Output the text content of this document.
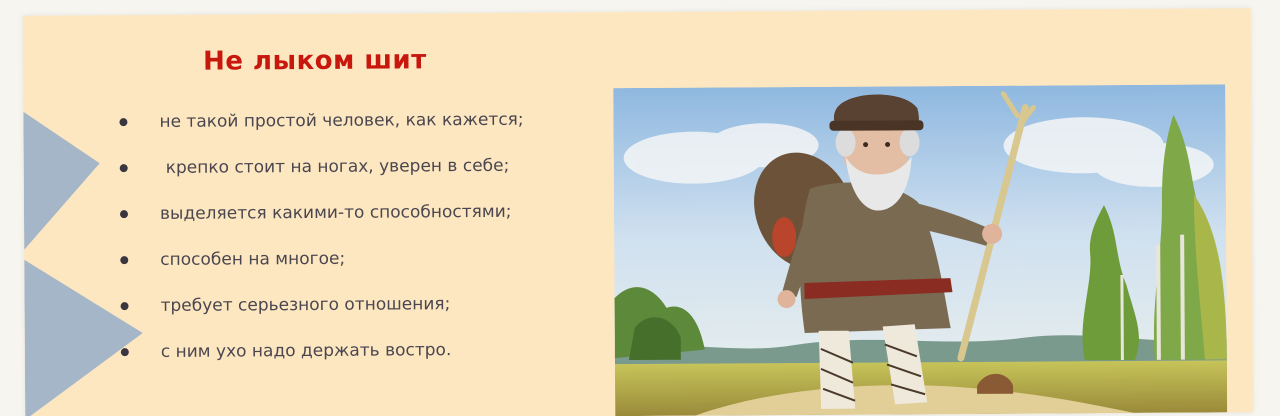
Не лыком шит
не такой простой человек, как кажется;
крепко стоит на ногах, уверен в себе;
выделяется какими-то способностями;
способен на многое;
требует серьезного отношения;
с ним ухо надо держать востро.
